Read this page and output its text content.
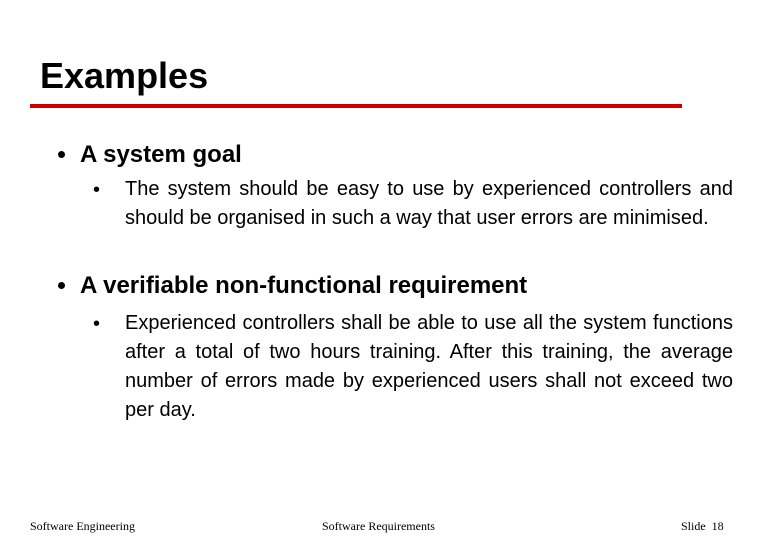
Examples
A system goal
• The system should be easy to use by experienced controllers and should be organised in such a way that user errors are minimised.
A verifiable non-functional requirement
• Experienced controllers shall be able to use all the system functions after a total of two hours training. After this training, the average number of errors made by experienced users shall not exceed two per day.
Software Engineering	Software Requirements	Slide  18
